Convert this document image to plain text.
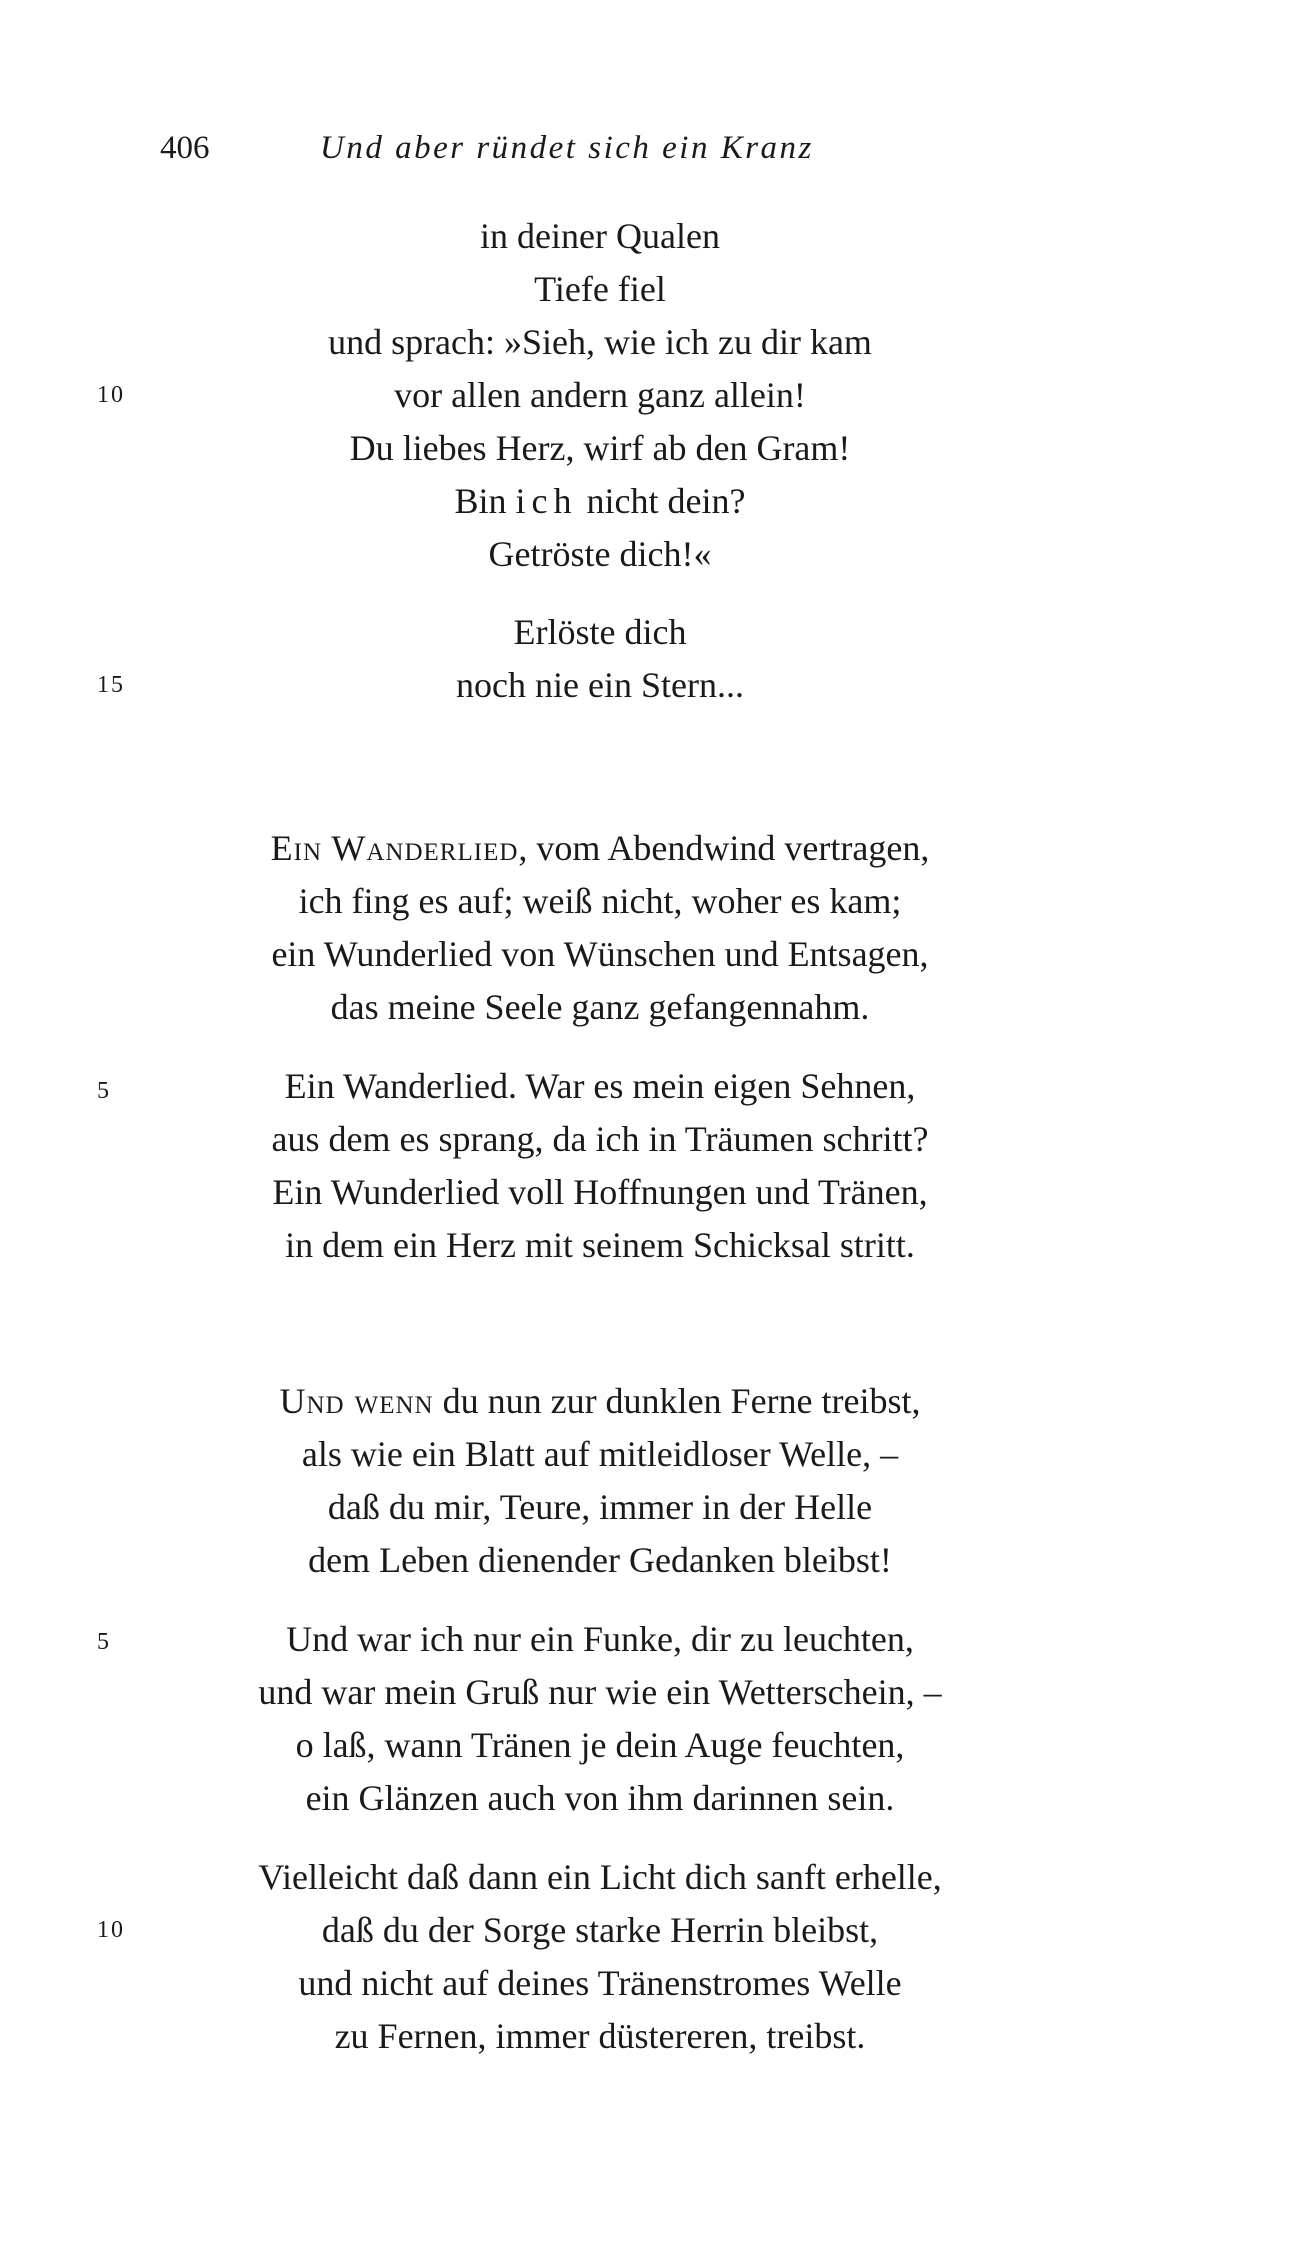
406	Und aber ründet sich ein Kranz
in deiner Qualen
Tiefe fiel
und sprach: »Sieh, wie ich zu dir kam
vor allen andern ganz allein!
Du liebes Herz, wirf ab den Gram!
Bin ich nicht dein?
Getröste dich!«
Erlöste dich
noch nie ein Stern...
10
15
Ein Wanderlied, vom Abendwind vertragen,
ich fing es auf; weiß nicht, woher es kam;
ein Wunderlied von Wünschen und Entsagen,
das meine Seele ganz gefangennahm.
Ein Wanderlied. War es mein eigen Sehnen,
aus dem es sprang, da ich in Träumen schritt?
Ein Wunderlied voll Hoffnungen und Tränen,
in dem ein Herz mit seinem Schicksal stritt.
5
Und wenn du nun zur dunklen Ferne treibst,
als wie ein Blatt auf mitleidloser Welle, –
daß du mir, Teure, immer in der Helle
dem Leben dienender Gedanken bleibst!
Und war ich nur ein Funke, dir zu leuchten,
und war mein Gruß nur wie ein Wetterschein, –
o laß, wann Tränen je dein Auge feuchten,
ein Glänzen auch von ihm darinnen sein.
Vielleicht daß dann ein Licht dich sanft erhelle,
daß du der Sorge starke Herrin bleibst,
und nicht auf deines Tränenstromes Welle
zu Fernen, immer düstereren, treibst.
5
10
